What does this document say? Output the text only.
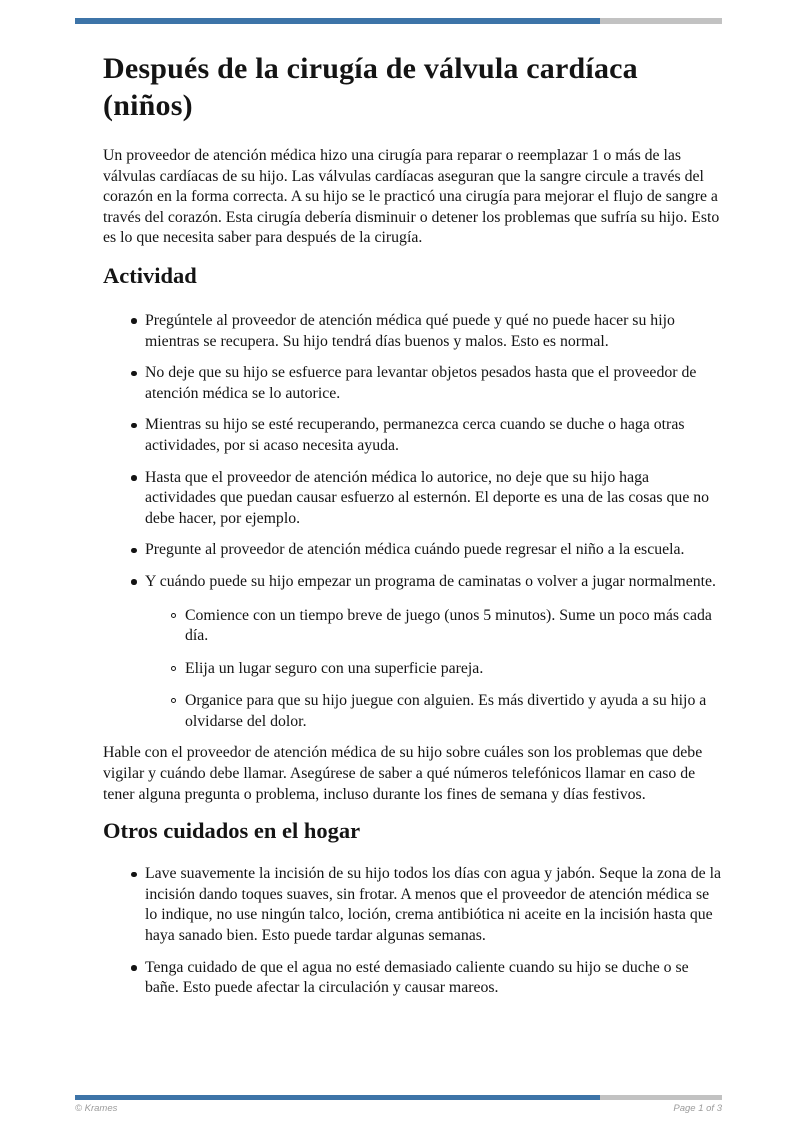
Después de la cirugía de válvula cardíaca (niños)

Un proveedor de atención médica hizo una cirugía para reparar o reemplazar 1 o más de las válvulas cardíacas de su hijo. Las válvulas cardíacas aseguran que la sangre circule a través del corazón en la forma correcta. A su hijo se le practicó una cirugía para mejorar el flujo de sangre a través del corazón. Esta cirugía debería disminuir o detener los problemas que sufría su hijo. Esto es lo que necesita saber para después de la cirugía.

Actividad
Pregúntele al proveedor de atención médica qué puede y qué no puede hacer su hijo mientras se recupera. Su hijo tendrá días buenos y malos. Esto es normal.
No deje que su hijo se esfuerce para levantar objetos pesados hasta que el proveedor de atención médica se lo autorice.
Mientras su hijo se esté recuperando, permanezca cerca cuando se duche o haga otras actividades, por si acaso necesita ayuda.
Hasta que el proveedor de atención médica lo autorice, no deje que su hijo haga actividades que puedan causar esfuerzo al esternón. El deporte es una de las cosas que no debe hacer, por ejemplo.
Pregunte al proveedor de atención médica cuándo puede regresar el niño a la escuela.
Y cuándo puede su hijo empezar un programa de caminatas o volver a jugar normalmente.
Comience con un tiempo breve de juego (unos 5 minutos). Sume un poco más cada día.
Elija un lugar seguro con una superficie pareja.
Organice para que su hijo juegue con alguien. Es más divertido y ayuda a su hijo a olvidarse del dolor.

Hable con el proveedor de atención médica de su hijo sobre cuáles son los problemas que debe vigilar y cuándo debe llamar. Asegúrese de saber a qué números telefónicos llamar en caso de tener alguna pregunta o problema, incluso durante los fines de semana y días festivos.

Otros cuidados en el hogar
Lave suavemente la incisión de su hijo todos los días con agua y jabón. Seque la zona de la incisión dando toques suaves, sin frotar. A menos que el proveedor de atención médica se lo indique, no use ningún talco, loción, crema antibiótica ni aceite en la incisión hasta que haya sanado bien. Esto puede tardar algunas semanas.
Tenga cuidado de que el agua no esté demasiado caliente cuando su hijo se duche o se bañe. Esto puede afectar la circulación y causar mareos.
© Krames	Page 1 of 3
